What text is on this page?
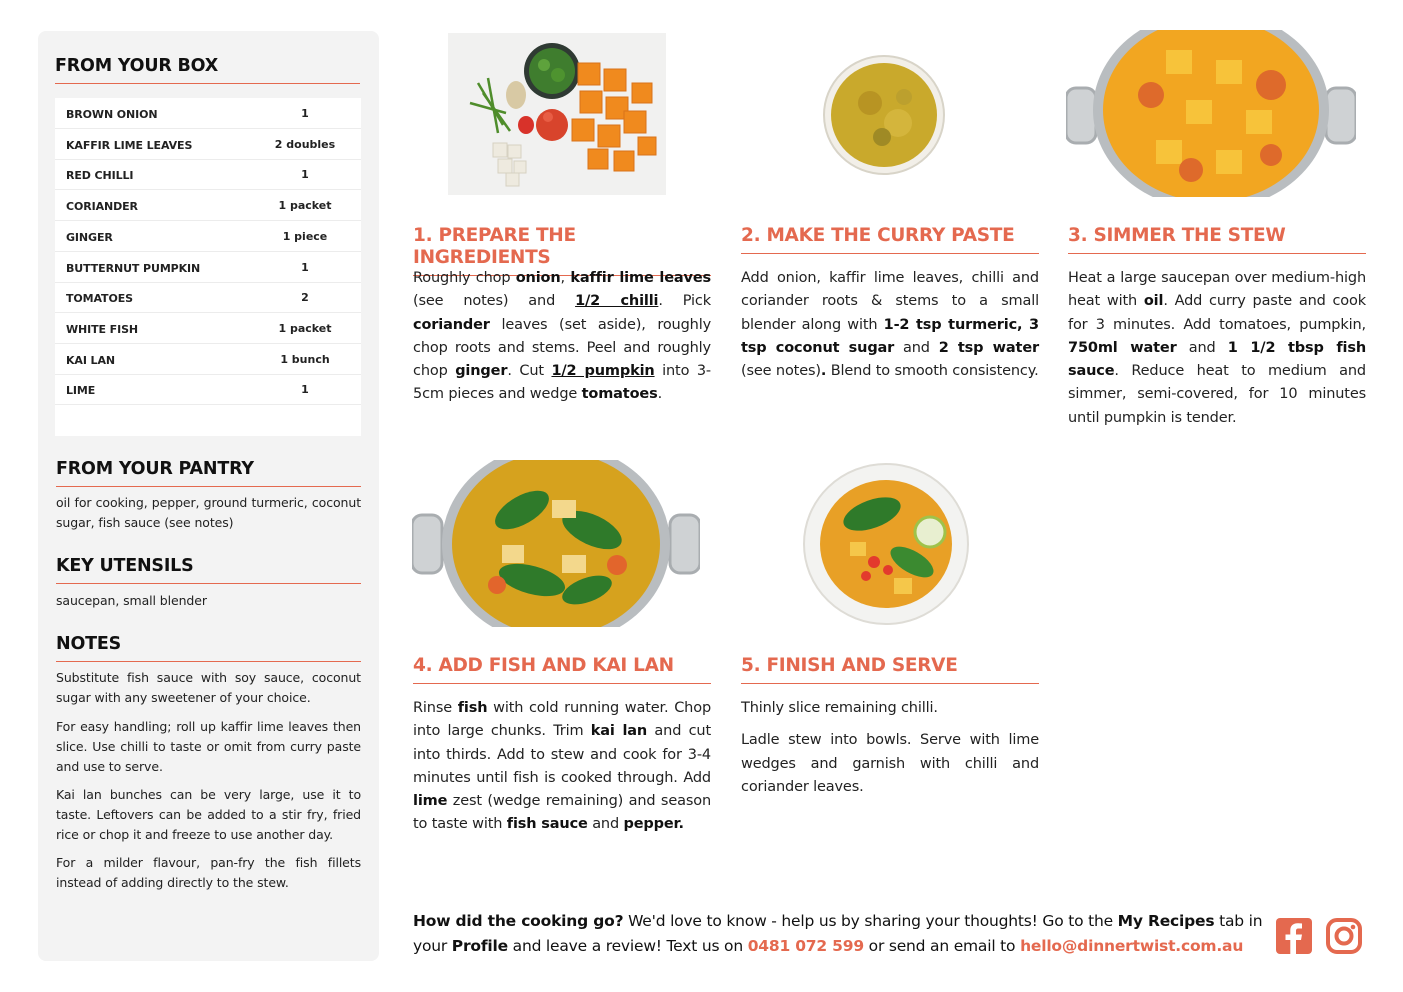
FROM YOUR BOX
BROWN ONION	1
KAFFIR LIME LEAVES	2 doubles
RED CHILLI	1
CORIANDER	1 packet
GINGER	1 piece
BUTTERNUT PUMPKIN	1
TOMATOES	2
WHITE FISH	1 packet
KAI LAN	1 bunch
LIME	1
FROM YOUR PANTRY
oil for cooking, pepper, ground turmeric, coconut sugar, fish sauce (see notes)
KEY UTENSILS
saucepan, small blender
NOTES
Substitute fish sauce with soy sauce, coconut sugar with any sweetener of your choice.
For easy handling; roll up kaffir lime leaves then slice. Use chilli to taste or omit from curry paste and use to serve.
Kai lan bunches can be very large, use it to taste. Leftovers can be added to a stir fry, fried rice or chop it and freeze to use another day.
For a milder flavour, pan-fry the fish fillets instead of adding directly to the stew.
1. PREPARE THE INGREDIENTS
Roughly chop onion, kaffir lime leaves (see notes) and 1/2 chilli. Pick coriander leaves (set aside), roughly chop roots and stems. Peel and roughly chop ginger. Cut 1/2 pumpkin into 3-5cm pieces and wedge tomatoes.
2. MAKE THE CURRY PASTE
Add onion, kaffir lime leaves, chilli and coriander roots & stems to a small blender along with 1-2 tsp turmeric, 3 tsp coconut sugar and 2 tsp water (see notes). Blend to smooth consistency.
3. SIMMER THE STEW
Heat a large saucepan over medium-high heat with oil. Add curry paste and cook for 3 minutes. Add tomatoes, pumpkin, 750ml water and 1 1/2 tbsp fish sauce. Reduce heat to medium and simmer, semi-covered, for 10 minutes until pumpkin is tender.
4. ADD FISH AND KAI LAN
Rinse fish with cold running water. Chop into large chunks. Trim kai lan and cut into thirds. Add to stew and cook for 3-4 minutes until fish is cooked through. Add lime zest (wedge remaining) and season to taste with fish sauce and pepper.
5. FINISH AND SERVE
Thinly slice remaining chilli.

Ladle stew into bowls. Serve with lime wedges and garnish with chilli and coriander leaves.
How did the cooking go? We'd love to know - help us by sharing your thoughts! Go to the My Recipes tab in your Profile and leave a review! Text us on 0481 072 599 or send an email to hello@dinnertwist.com.au
